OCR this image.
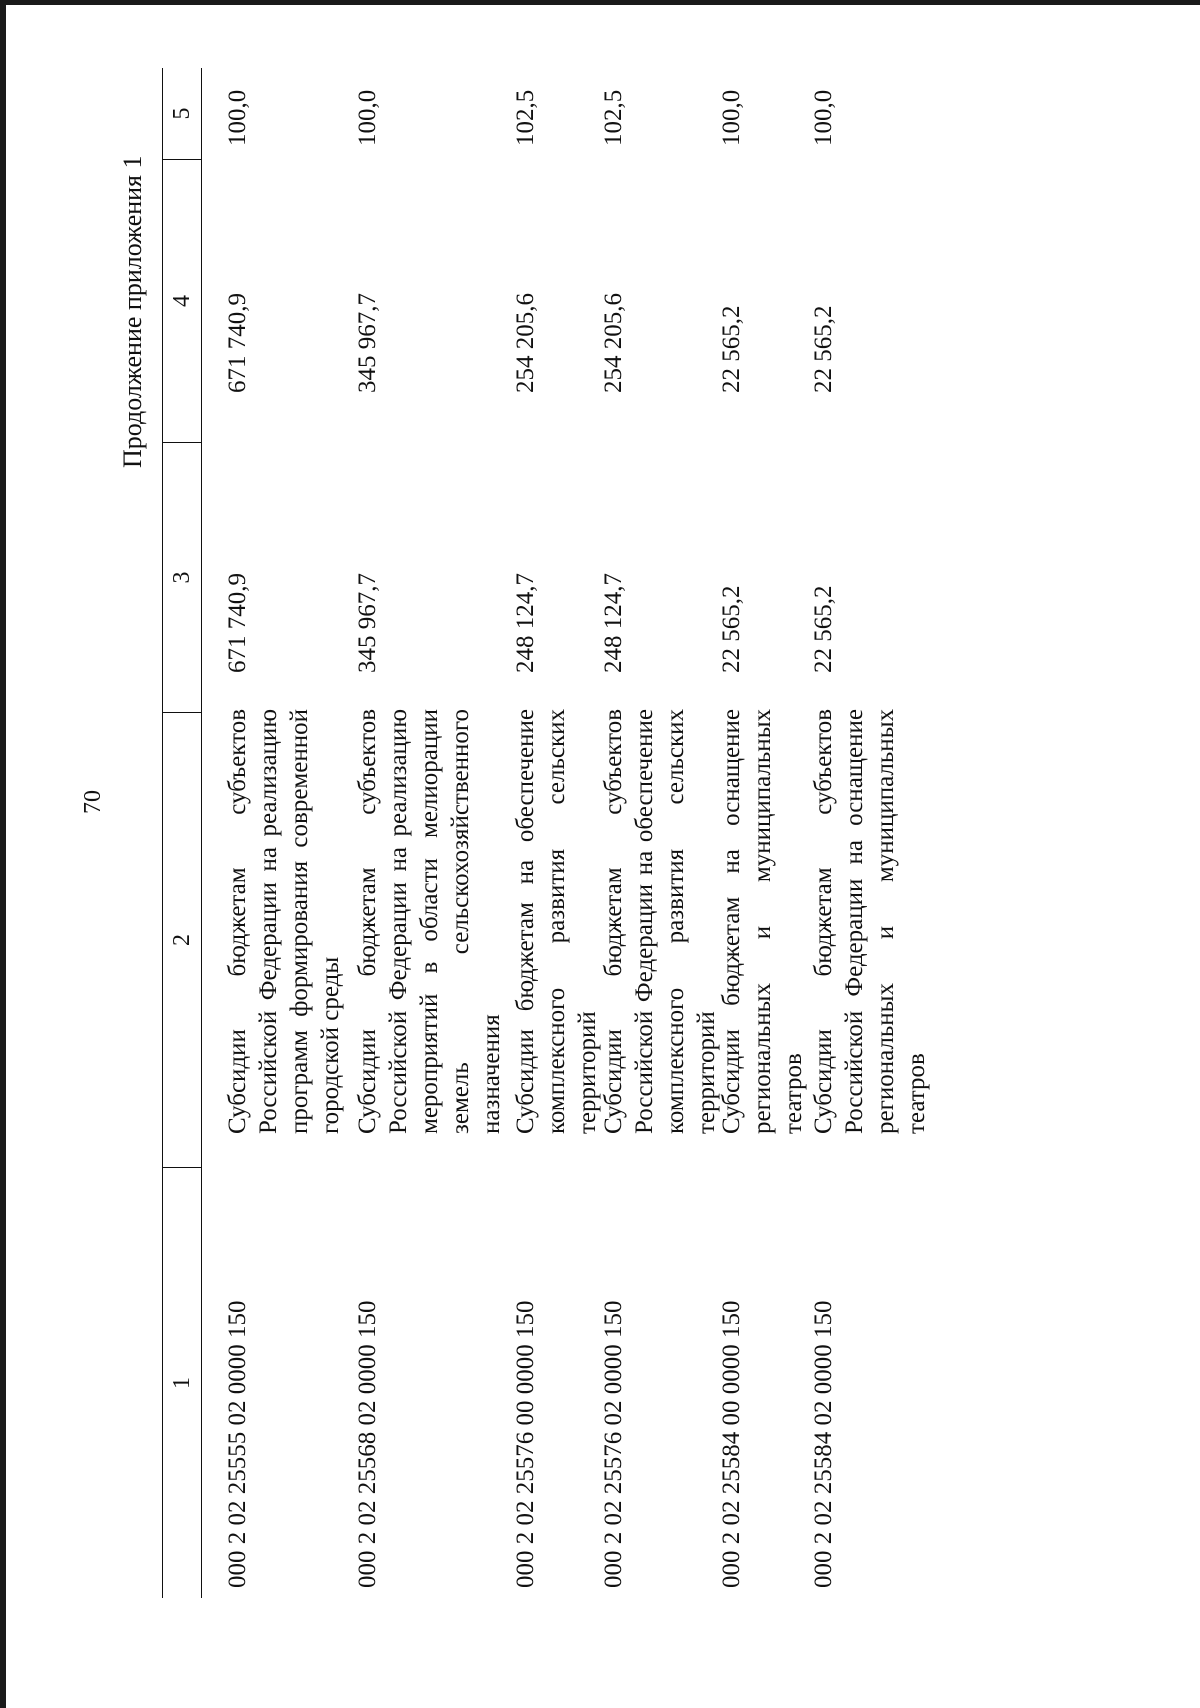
70
Продолжение приложения 1
1
2
3
4
5
000 2 02 25555 02 0000 150
Субсидии бюджетам субъектов Российской Федерации на реализацию программ формирования современной городской среды
671 740,9
671 740,9
100,0
000 2 02 25568 02 0000 150
Субсидии бюджетам субъектов Российской Федерации на реализацию мероприятий в области мелиорации земель сельскохозяйственного назначения
345 967,7
345 967,7
100,0
000 2 02 25576 00 0000 150
Субсидии бюджетам на обеспечение комплексного развития сельских территорий
248 124,7
254 205,6
102,5
000 2 02 25576 02 0000 150
Субсидии бюджетам субъектов Российской Федерации на обеспечение комплексного развития сельских территорий
248 124,7
254 205,6
102,5
000 2 02 25584 00 0000 150
Субсидии бюджетам на оснащение региональных и муниципальных театров
22 565,2
22 565,2
100,0
000 2 02 25584 02 0000 150
Субсидии бюджетам субъектов Российской Федерации на оснащение региональных и муниципальных театров
22 565,2
22 565,2
100,0
